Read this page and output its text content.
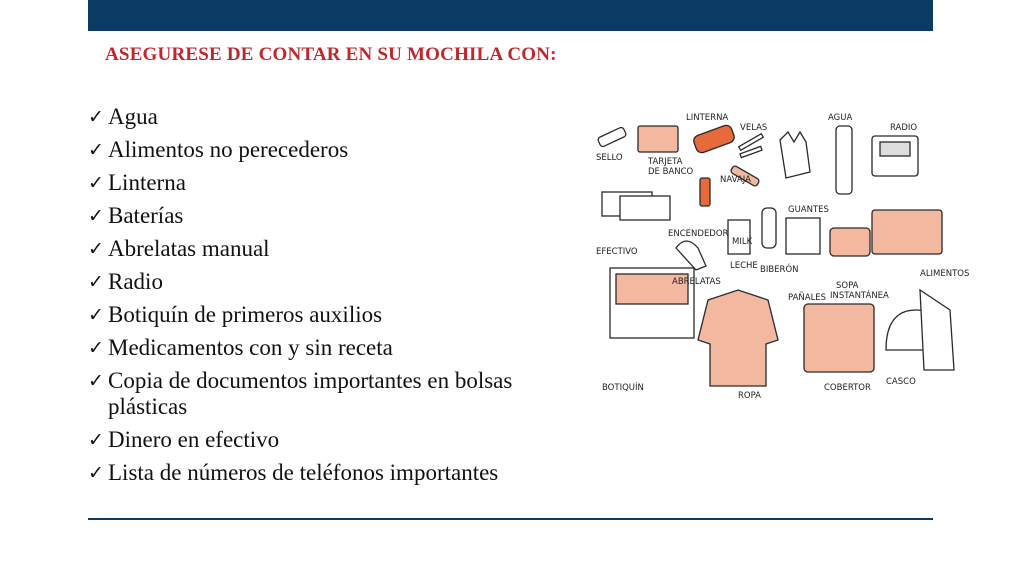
ASEGURESE DE CONTAR EN SU MOCHILA CON:
✓ Agua
✓ Alimentos no perecederos
✓ Linterna
✓ Baterías
✓ Abrelatas manual
✓ Radio
✓ Botiquín de primeros auxilios
✓ Medicamentos con y sin receta
✓ Copia de documentos importantes en bolsas plásticas
✓ Dinero en efectivo
✓ Lista de números de teléfonos importantes
SELLO
LINTERNA
VELAS
AGUA
RADIO
TARJETA
DE BANCO
NAVAJA
GUANTES
ENCENDEDOR
EFECTIVO
MILK
LECHE BIBERÓN
ABRELATAS
PAÑALES
SOPA
INSTANTÁNEA
ALIMENTOS
BOTIQUÍN
ROPA
COBERTOR
CASCO
